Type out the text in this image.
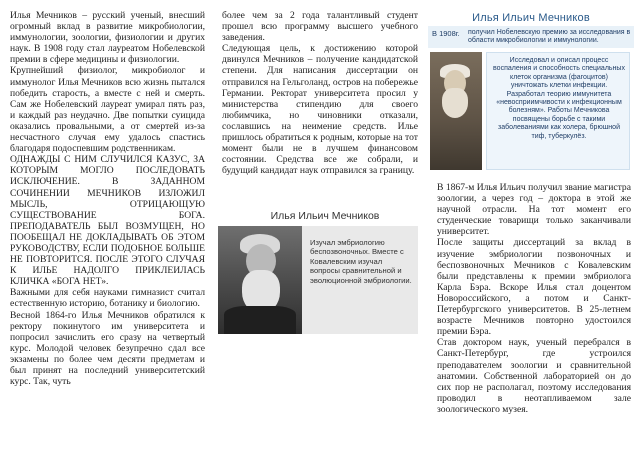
Илья Мечников – русский ученый, внесший огромный вклад в развитие микробиологии, иммунологии, зоологии, физиологии и других наук. В 1908 году стал лауреатом Нобелевской премии в сфере медицины и физиологии.

Крупнейший физиолог, микробиолог и иммунолог Илья Мечников всю жизнь пытался победить старость, а вместе с ней и смерть. Сам же Нобелевский лауреат умирал пять раз, и каждый раз неудачно. Две попытки суицида оказались провальными, а от смертей из-за несчастного случая ему удалось спастись благодаря подоспевшим родственникам.

ОДНАЖДЫ С НИМ СЛУЧИЛСЯ КАЗУС, ЗА КОТОРЫМ МОГЛО ПОСЛЕДОВАТЬ ИСКЛЮЧЕНИЕ. В ЗАДАННОМ СОЧИНЕНИИ МЕЧНИКОВ ИЗЛОЖИЛ МЫСЛЬ, ОТРИЦАЮЩУЮ СУЩЕСТВОВАНИЕ БОГА. ПРЕПОДАВАТЕЛЬ БЫЛ ВОЗМУЩЕН, НО ПООБЕЩАЛ НЕ ДОКЛАДЫВАТЬ ОБ ЭТОМ РУКОВОДСТВУ, ЕСЛИ ПОДОБНОЕ БОЛЬШЕ НЕ ПОВТОРИТСЯ. ПОСЛЕ ЭТОГО СЛУЧАЯ К ИЛЬЕ НАДОЛГО ПРИКЛЕИЛАСЬ КЛИЧКА «БОГА НЕТ».

Важными для себя науками гимназист считал естественную историю, ботанику и биологию.

Весной 1864-го Илья Мечников обратился к ректору покинутого им университета и попросил зачислить его сразу на четвертый курс. Молодой человек безупречно сдал все экзамены по более чем десяти предметам и был принят на последний университетский курс. Так, чуть

более чем за 2 года талантливый студент прошел всю программу высшего учебного заведения.

Следующая цель, к достижению которой двинулся Мечников – получение кандидатской степени. Для написания диссертации он отправился на Гельголанд, остров на побережье Германии. Ректорат университета просил у министерства стипендию для своего любимчика, но чиновники отказали, сославшись на неимение средств. Илье пришлось обратиться к родным, которые на тот момент были не в лучшем финансовом состоянии. Средства все же собрали, и будущий кандидат наук отправился за границу.

Илья Ильич Мечников
Изучал эмбриологию беспозвоночных. Вместе с Ковалевским изучал вопросы сравнительной и эволюционной эмбриологии.
Илья Ильич Мечников
В 1908г. получил Нобелевскую премию за исследования в области микробиологии и иммунологии.
Исследовал и описал процесс воспаления и способность специальных клеток организма (фагоцитов) уничтожать клетки инфекции. Разработал теорию иммунитета «невосприимчивости к инфекционным болезням». Работы Мечникова посвящены борьбе с такими заболеваниями как холера, брюшной тиф, туберкулёз.

В 1867-м Илья Ильич получил звание магистра зоологии, а через год – доктора в этой же научной отрасли. На тот момент его студенческие товарищи только заканчивали университет.

После защиты диссертаций за вклад в изучение эмбриологии позвоночных и беспозвоночных Мечников с Ковалевским были представлены к премии эмбриолога Карла Бэра. Вскоре Илья стал доцентом Новороссийского, а потом и Санкт-Петербургского университетов. В 25-летнем возрасте Мечников повторно удостоился премии Бэра.

Став доктором наук, ученый перебрался в Санкт-Петербург, где устроился преподавателем зоологии и сравнительной анатомии. Собственной лабораторией он до сих пор не располагал, поэтому исследования проводил в неотапливаемом зале зоологического музея.
